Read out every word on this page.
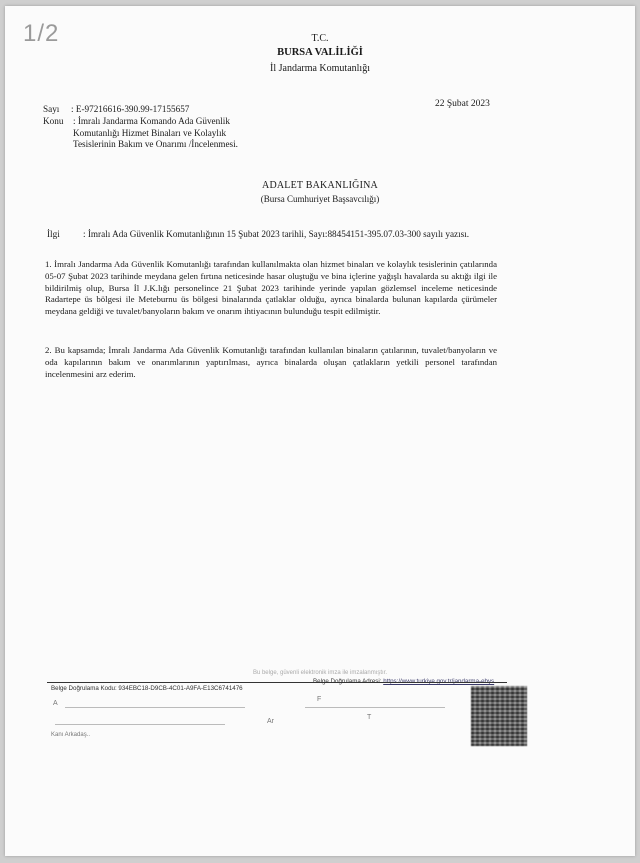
1/2	T.C.
BURSA VALİLİĞİ
İl Jandarma Komutanlığı
Sayı : E-97216616-390.99-17155657
Konu : İmralı Jandarma Komando Ada Güvenlik Komutanlığı Hizmet Binaları ve Kolaylık Tesislerinin Bakım ve Onarımı /İncelenmesi.
22 Şubat 2023
ADALET BAKANLIĞINA
(Bursa Cumhuriyet Başsavcılığı)
İlgi	: İmralı Ada Güvenlik Komutanlığının 15 Şubat 2023 tarihli, Sayı:88454151-395.07.03-300 sayılı yazısı.
1. İmralı Jandarma Ada Güvenlik Komutanlığı tarafından kullanılmakta olan hizmet binaları ve kolaylık tesislerinin çatılarında 05-07 Şubat 2023 tarihinde meydana gelen fırtına neticesinde hasar oluştuğu ve bina içlerine yağışlı havalarda su aktığı ilgi ile bildirilmiş olup, Bursa İl J.K.lığı personelince 21 Şubat 2023 tarihinde yerinde yapılan gözlemsel inceleme neticesinde Radartepe üs bölgesi ile Meteburnu üs bölgesi binalarında çatlaklar olduğu, ayrıca binalarda bulunan kapılarda çürümeler meydana geldiği ve tuvalet/banyoların bakım ve onarım ihtiyacının bulunduğu tespit edilmiştir.
2. Bu kapsamda; İmralı Jandarma Ada Güvenlik Komutanlığı tarafından kullanılan binaların çatılarının, tuvalet/banyoların ve oda kapılarının bakım ve onarımlarının yaptırılması, ayrıca binalarda oluşan çatlakların yetkili personel tarafından incelenmesini arz ederim.
Bu belge, güvenli elektronik imza ile imzalanmıştır.
Belge Doğrulama Adresi: https://www.turkiye.gov.tr/jandarma-ebys
Belge Doğrulama Kodu: 934EBC18-D9CB-4C01-A9FA-E13C6741476
A
F
Ar
T
Kanı Arkadaş..
